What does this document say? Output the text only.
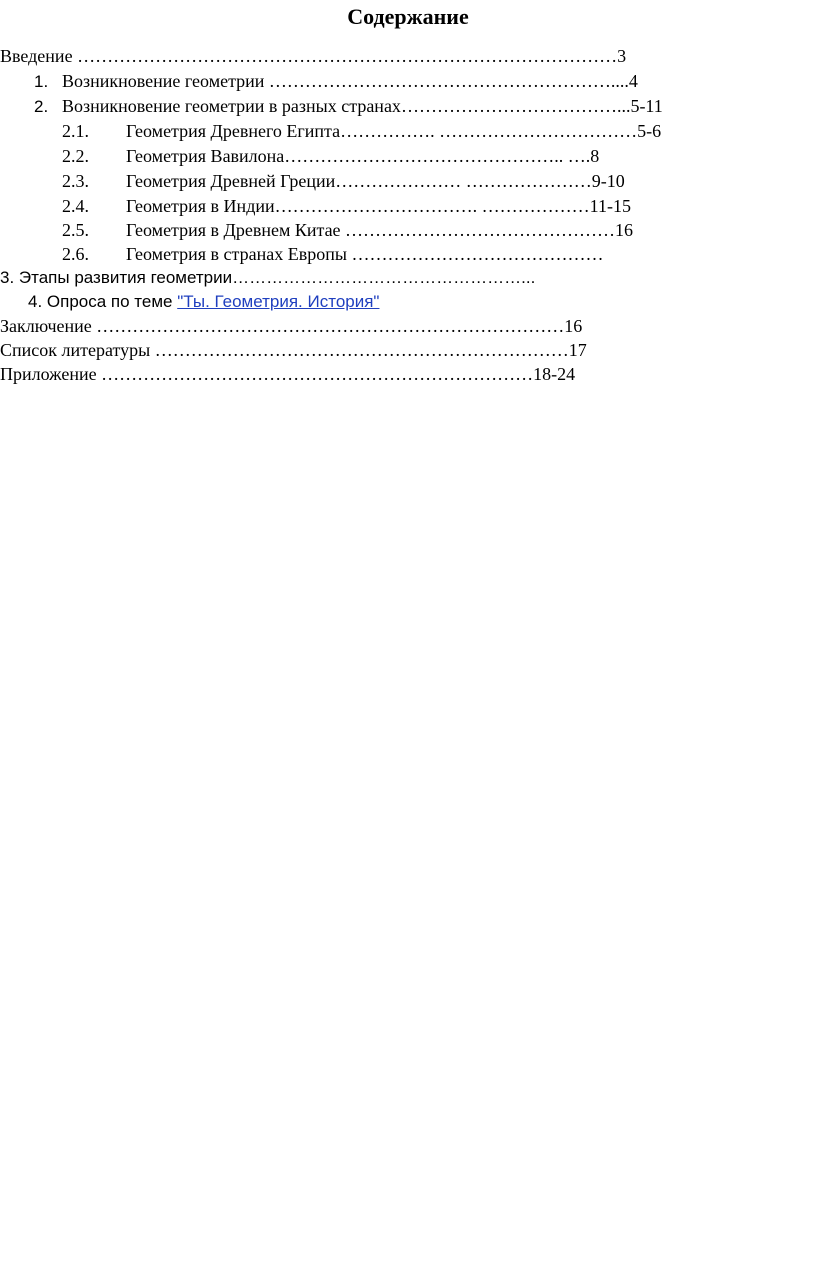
Содержание
Введение ………………………………………………………………………………3
1. Возникновение геометрии …………………………………………………....4
2. Возникновение геометрии в разных странах………………………………...5-11
2.1. Геометрия Древнего Египта……………. ……………………………5-6
2.2. Геометрия Вавилона……………………………………….. ….8
2.3. Геометрия Древней Греции………………… …………………9-10
2.4. Геометрия в Индии……………………………. ………………11-15
2.5. Геометрия в Древнем Китае ………………………………………16
2.6. Геометрия в странах Европы ……………………………………
3. Этапы развития геометрии……………………………………………...
4. Опроса по теме "Ты. Геометрия. История"
Заключение ……………………………………………………………………16
Список литературы ……………………………………………………………17
Приложение ………………………………………………………………18-24
